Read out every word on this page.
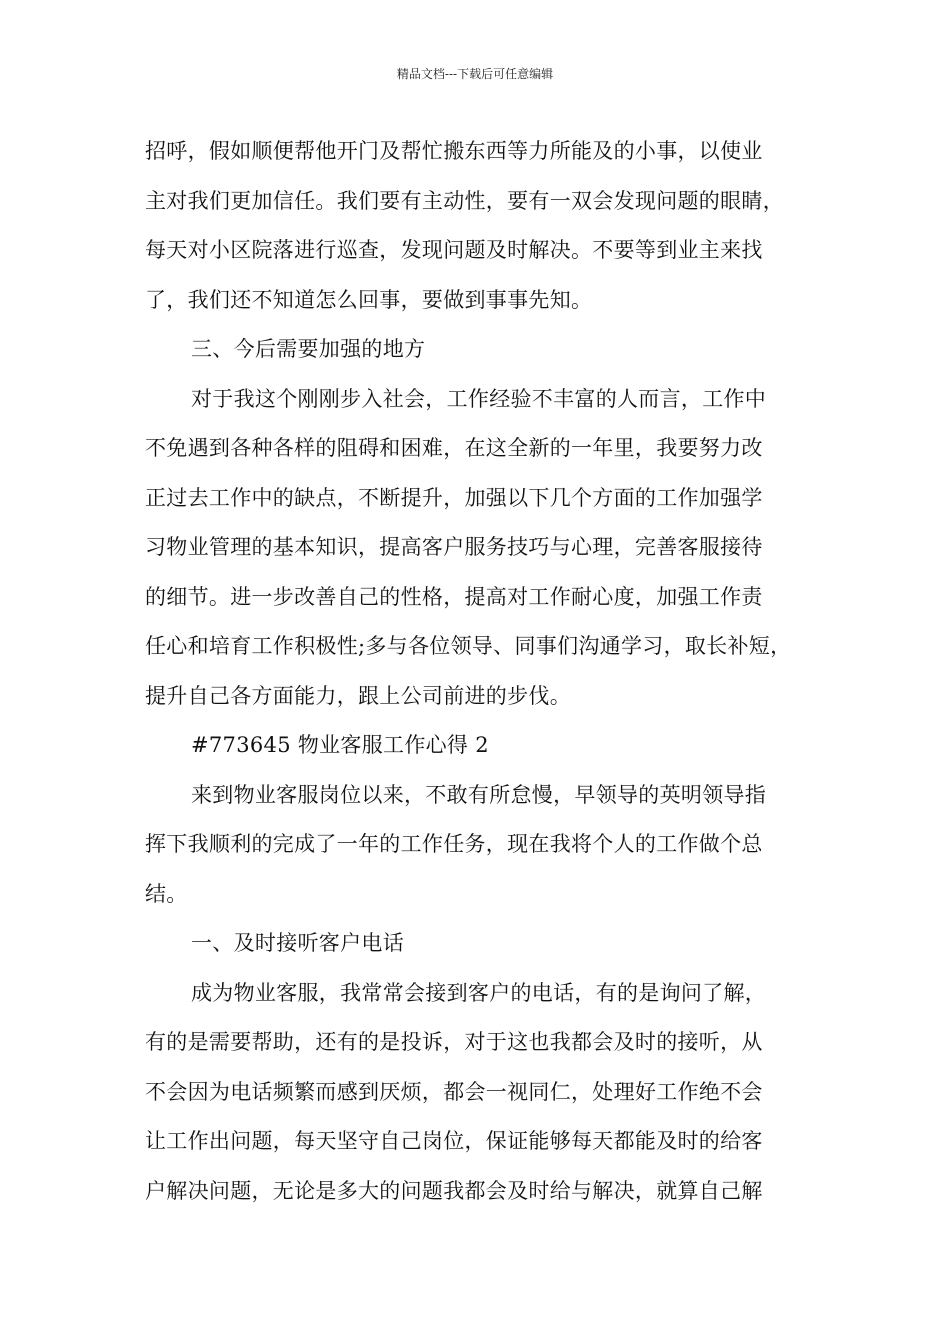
精品文档---下载后可任意编辑
招呼，假如顺便帮他开门及帮忙搬东西等力所能及的小事，以使业
主对我们更加信任。我们要有主动性，要有一双会发现问题的眼睛，
每天对小区院落进行巡查，发现问题及时解决。不要等到业主来找
了，我们还不知道怎么回事，要做到事事先知。
三、今后需要加强的地方
对于我这个刚刚步入社会，工作经验不丰富的人而言，工作中
不免遇到各种各样的阻碍和困难，在这全新的一年里，我要努力改
正过去工作中的缺点，不断提升，加强以下几个方面的工作加强学
习物业管理的基本知识，提高客户服务技巧与心理，完善客服接待
的细节。进一步改善自己的性格，提高对工作耐心度，加强工作责
任心和培育工作积极性;多与各位领导、同事们沟通学习，取长补短，
提升自己各方面能力，跟上公司前进的步伐。
#773645 物业客服工作心得 2
来到物业客服岗位以来，不敢有所怠慢，早领导的英明领导指
挥下我顺利的完成了一年的工作任务，现在我将个人的工作做个总
结。
一、及时接听客户电话
成为物业客服，我常常会接到客户的电话，有的是询问了解，
有的是需要帮助，还有的是投诉，对于这也我都会及时的接听，从
不会因为电话频繁而感到厌烦，都会一视同仁，处理好工作绝不会
让工作出问题，每天坚守自己岗位，保证能够每天都能及时的给客
户解决问题，无论是多大的问题我都会及时给与解决，就算自己解
